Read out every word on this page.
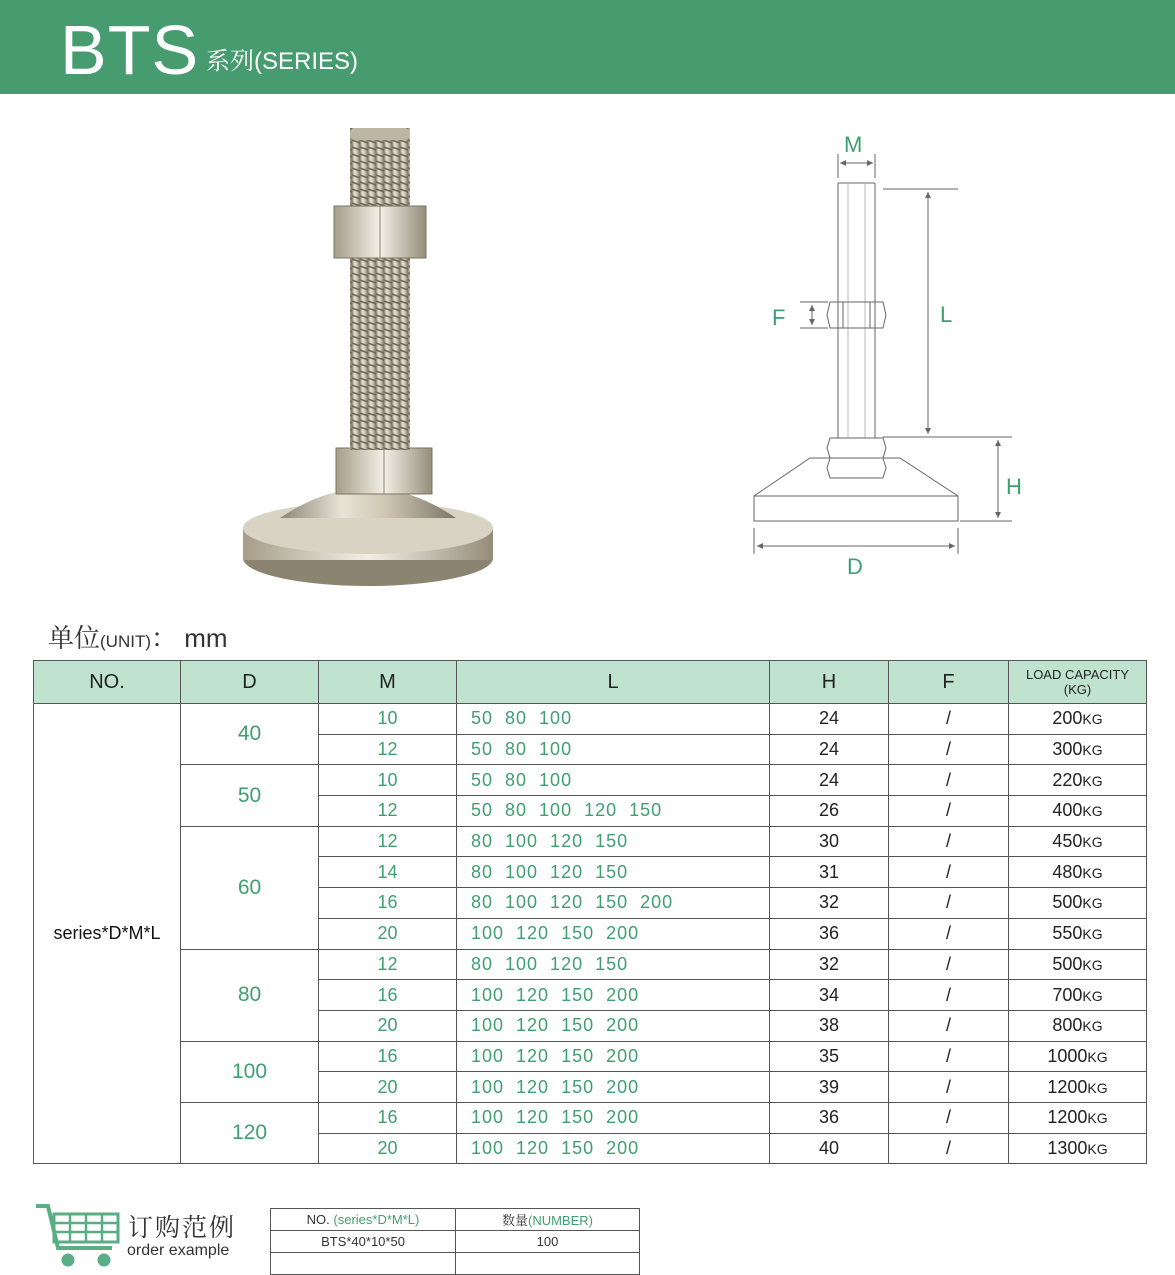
BTS 系列(SERIES)
M
F	L
H
D
单位(UNIT)： mm
NO.	D	M	L	H	F	LOAD CAPACITY
(KG)
series*D*M*L	40	10	50  80  100	24	/	200KG
		12	50  80  100	24	/	300KG
	50	10	50  80  100	24	/	220KG
		12	50  80  100  120  150	26	/	400KG
	60	12	80  100  120  150	30	/	450KG
		14	80  100  120  150	31	/	480KG
		16	80  100  120  150  200	32	/	500KG
		20	100  120  150  200	36	/	550KG
	80	12	80  100  120  150	32	/	500KG
		16	100  120  150  200	34	/	700KG
		20	100  120  150  200	38	/	800KG
	100	16	100  120  150  200	35	/	1000KG
		20	100  120  150  200	39	/	1200KG
	120	16	100  120  150  200	36	/	1200KG
		20	100  120  150  200	40	/	1300KG
订购范例
order example
NO. (series*D*M*L)	数量(NUMBER)
BTS*40*10*50	100
